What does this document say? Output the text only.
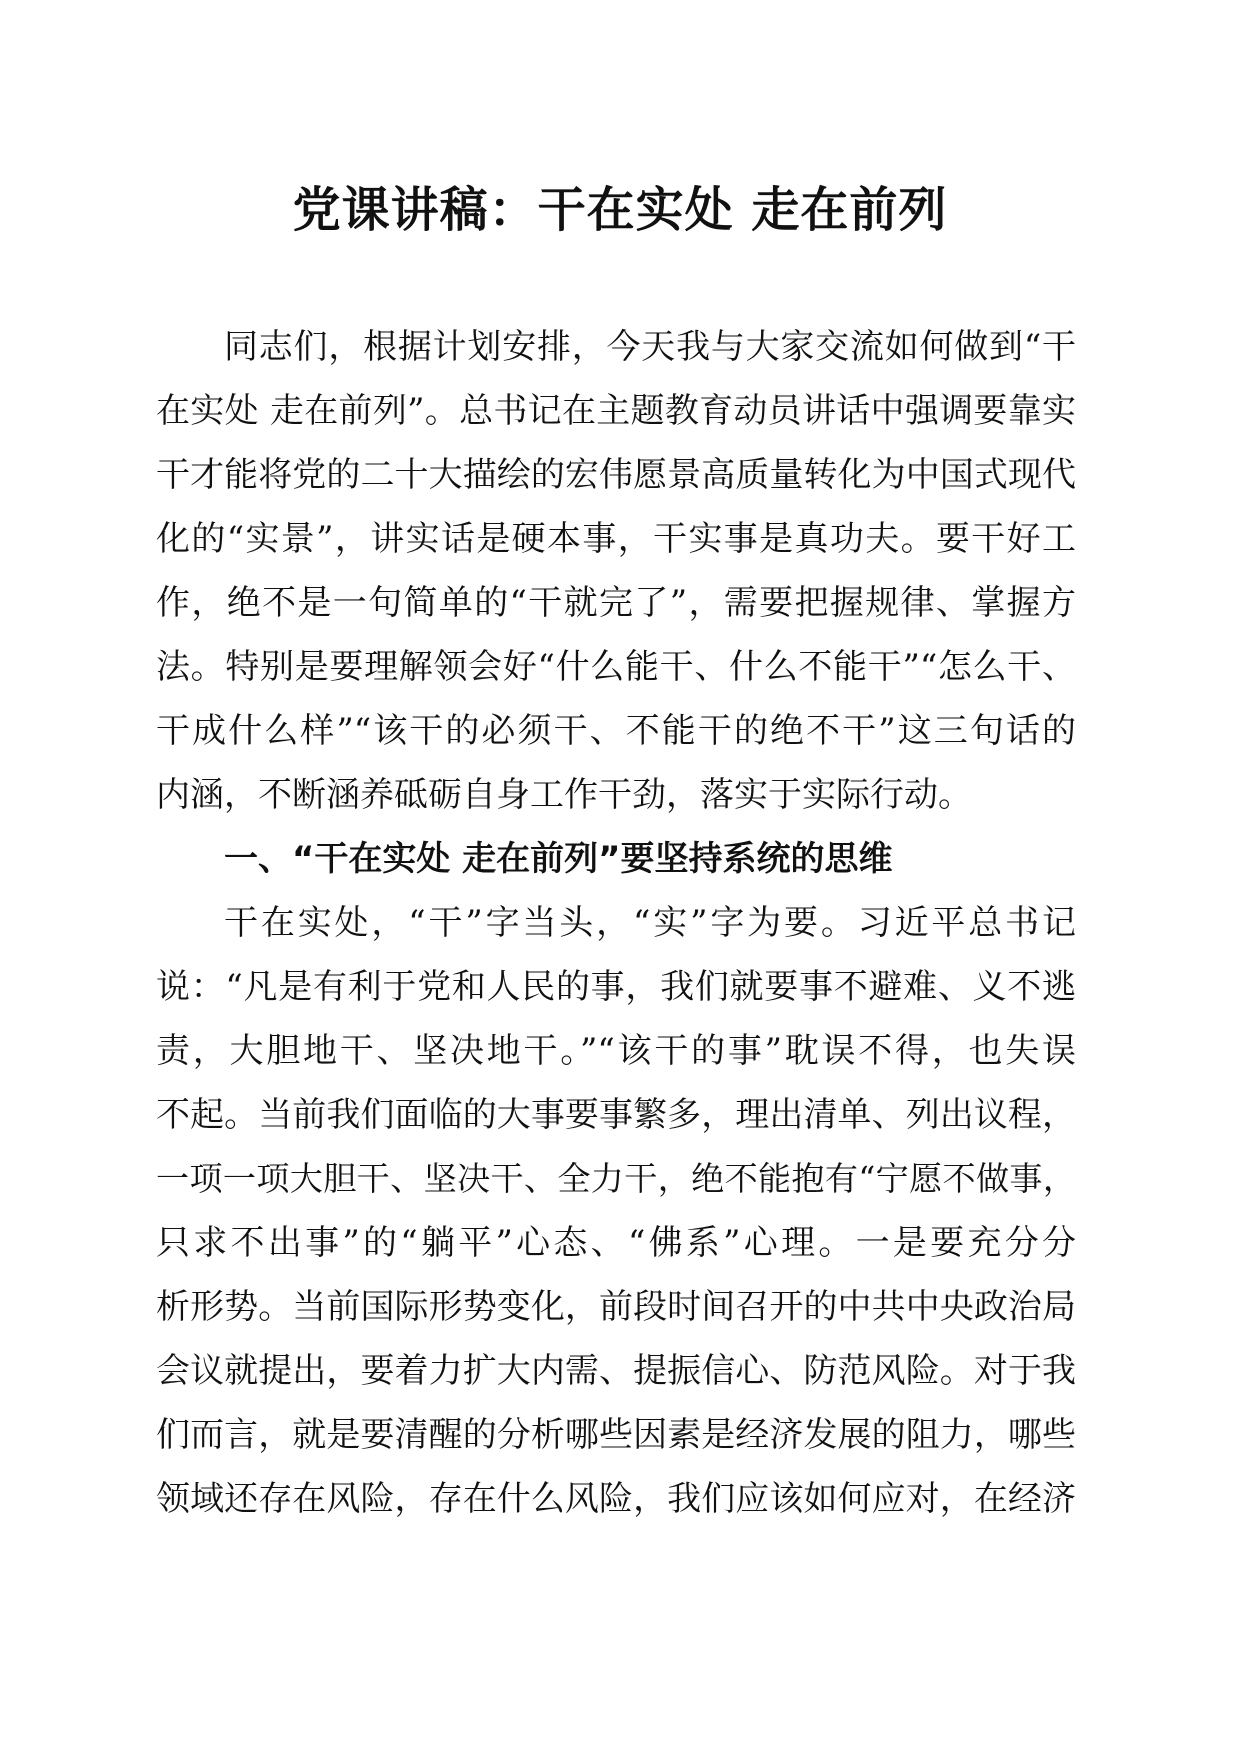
党课讲稿：干在实处 走在前列

同志们，根据计划安排，今天我与大家交流如何做到“干

在实处 走在前列”。总书记在主题教育动员讲话中强调要靠实

干才能将党的二十大描绘的宏伟愿景高质量转化为中国式现代

化的“实景”，讲实话是硬本事，干实事是真功夫。要干好工

作，绝不是一句简单的“干就完了”，需要把握规律、掌握方

法。特别是要理解领会好“什么能干、什么不能干”“怎么干、

干成什么样”“该干的必须干、不能干的绝不干”这三句话的

内涵，不断涵养砥砺自身工作干劲，落实于实际行动。

一、“干在实处 走在前列”要坚持系统的思维

干在实处，“干”字当头，“实”字为要。习近平总书记

说：“凡是有利于党和人民的事，我们就要事不避难、义不逃

责，大胆地干、坚决地干。”“该干的事”耽误不得，也失误

不起。当前我们面临的大事要事繁多，理出清单、列出议程，

一项一项大胆干、坚决干、全力干，绝不能抱有“宁愿不做事，

只求不出事”的“躺平”心态、“佛系”心理。一是要充分分

析形势。当前国际形势变化，前段时间召开的中共中央政治局

会议就提出，要着力扩大内需、提振信心、防范风险。对于我

们而言，就是要清醒的分析哪些因素是经济发展的阻力，哪些

领域还存在风险，存在什么风险，我们应该如何应对，在经济
